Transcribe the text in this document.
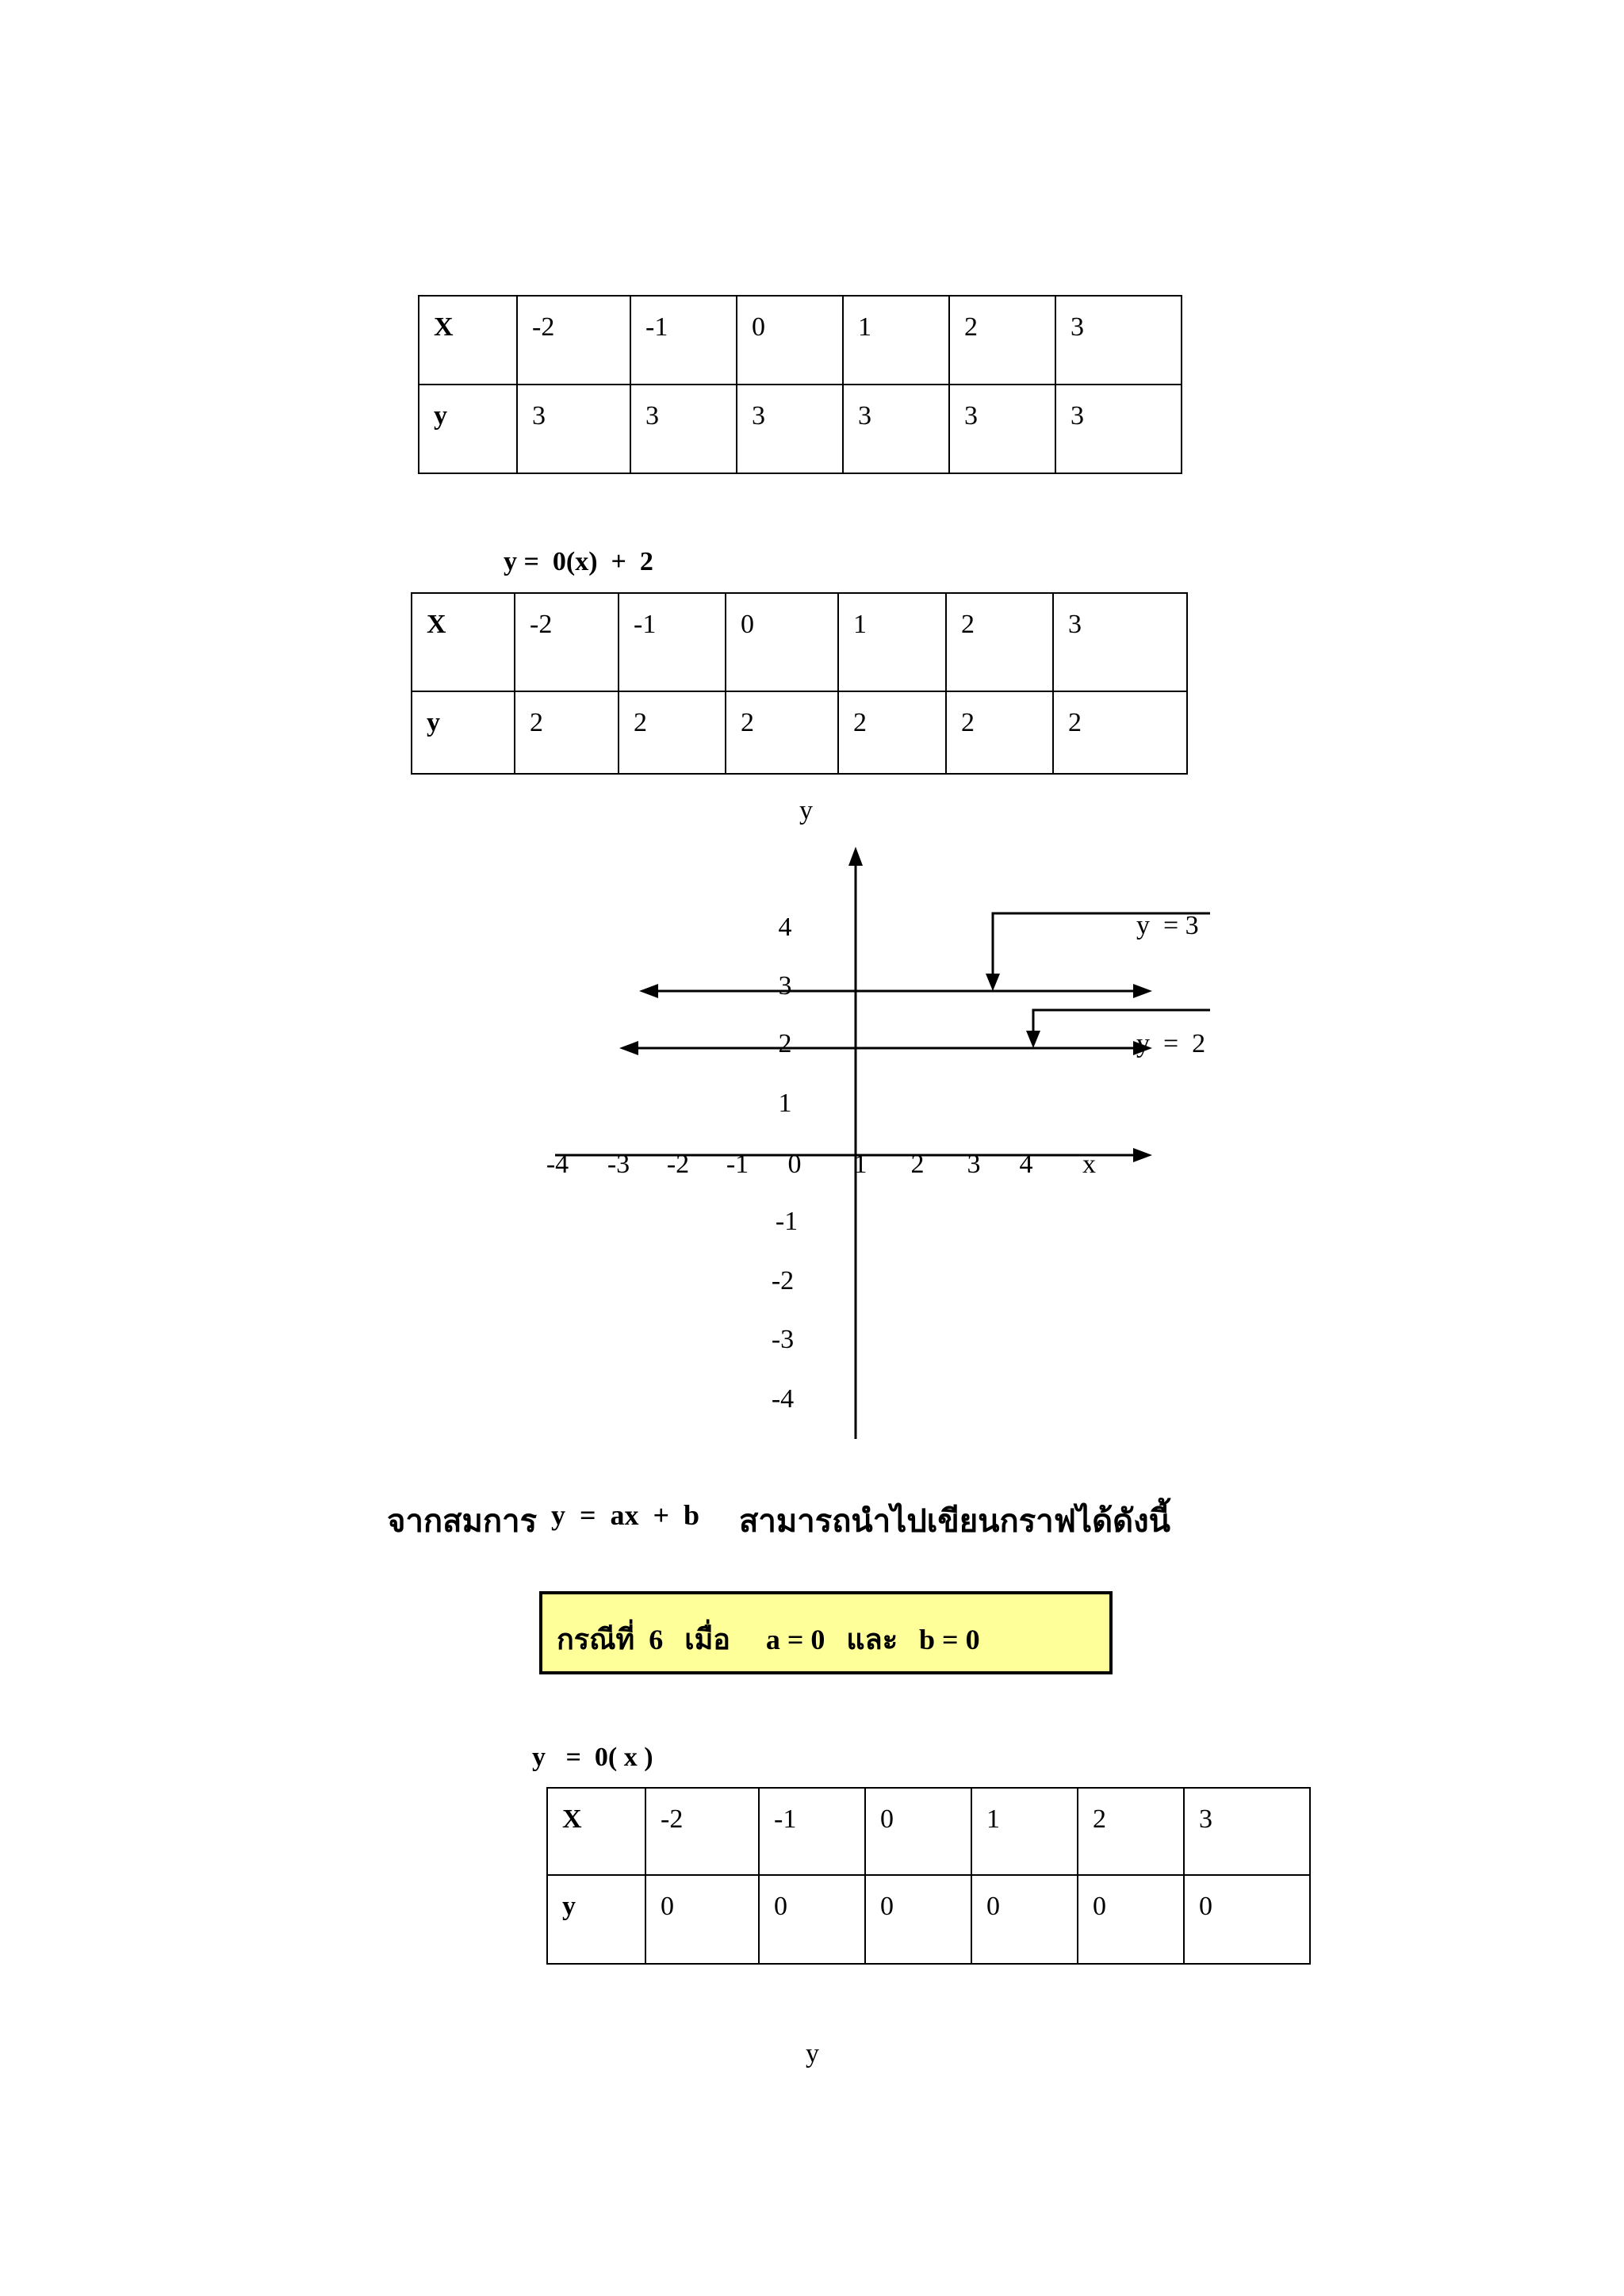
X	-2	-1	0	1	2	3
y	3	3	3	3	3	3
y =  0(x)  +  2
X	-2	-1	0	1	2	3
y	2	2	2	2	2	2
y
y  = 3
y  =  2
4
3
2
1
-1
-2
-3
-4
-4 -3 -2 -1 0 1 2 3 4 x
จากสมการ y  =  ax  +  b สามารถนำไปเขียนกราฟได้ดังนี้
กรณีที่  6   เมื่อ     a = 0   และ   b = 0
y   =  0( x )
X	-2	-1	0	1	2	3
y	0	0	0	0	0	0
y
